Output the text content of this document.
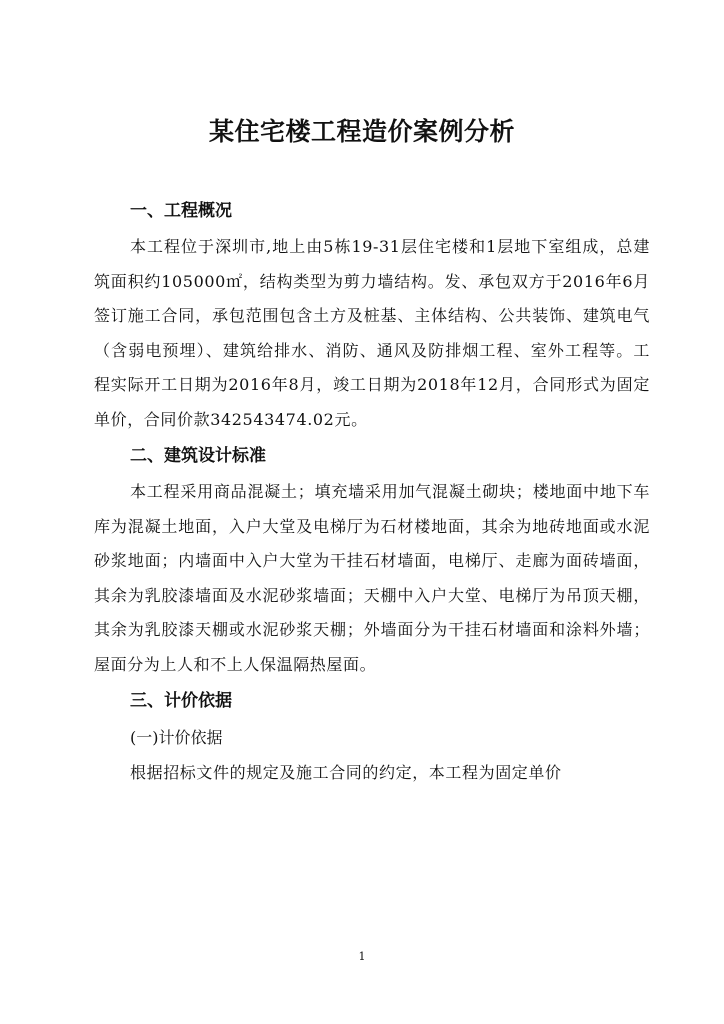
某住宅楼工程造价案例分析
一、工程概况

本工程位于深圳市,地上由5栋19-31层住宅楼和1层地下室组成，总建筑面积约105000㎡，结构类型为剪力墙结构。发、承包双方于2016年6月签订施工合同，承包范围包含土方及桩基、主体结构、公共装饰、建筑电气（含弱电预埋）、建筑给排水、消防、通风及防排烟工程、室外工程等。工程实际开工日期为2016年8月，竣工日期为2018年12月，合同形式为固定单价，合同价款342543474.02元。

二、建筑设计标准

本工程采用商品混凝土；填充墙采用加气混凝土砌块；楼地面中地下车库为混凝土地面，入户大堂及电梯厅为石材楼地面，其余为地砖地面或水泥砂浆地面；内墙面中入户大堂为干挂石材墙面，电梯厅、走廊为面砖墙面，其余为乳胶漆墙面及水泥砂浆墙面；天棚中入户大堂、电梯厅为吊顶天棚，其余为乳胶漆天棚或水泥砂浆天棚；外墙面分为干挂石材墙面和涂料外墙；屋面分为上人和不上人保温隔热屋面。

三、计价依据

(一)计价依据

根据招标文件的规定及施工合同的约定，本工程为固定单价

1
